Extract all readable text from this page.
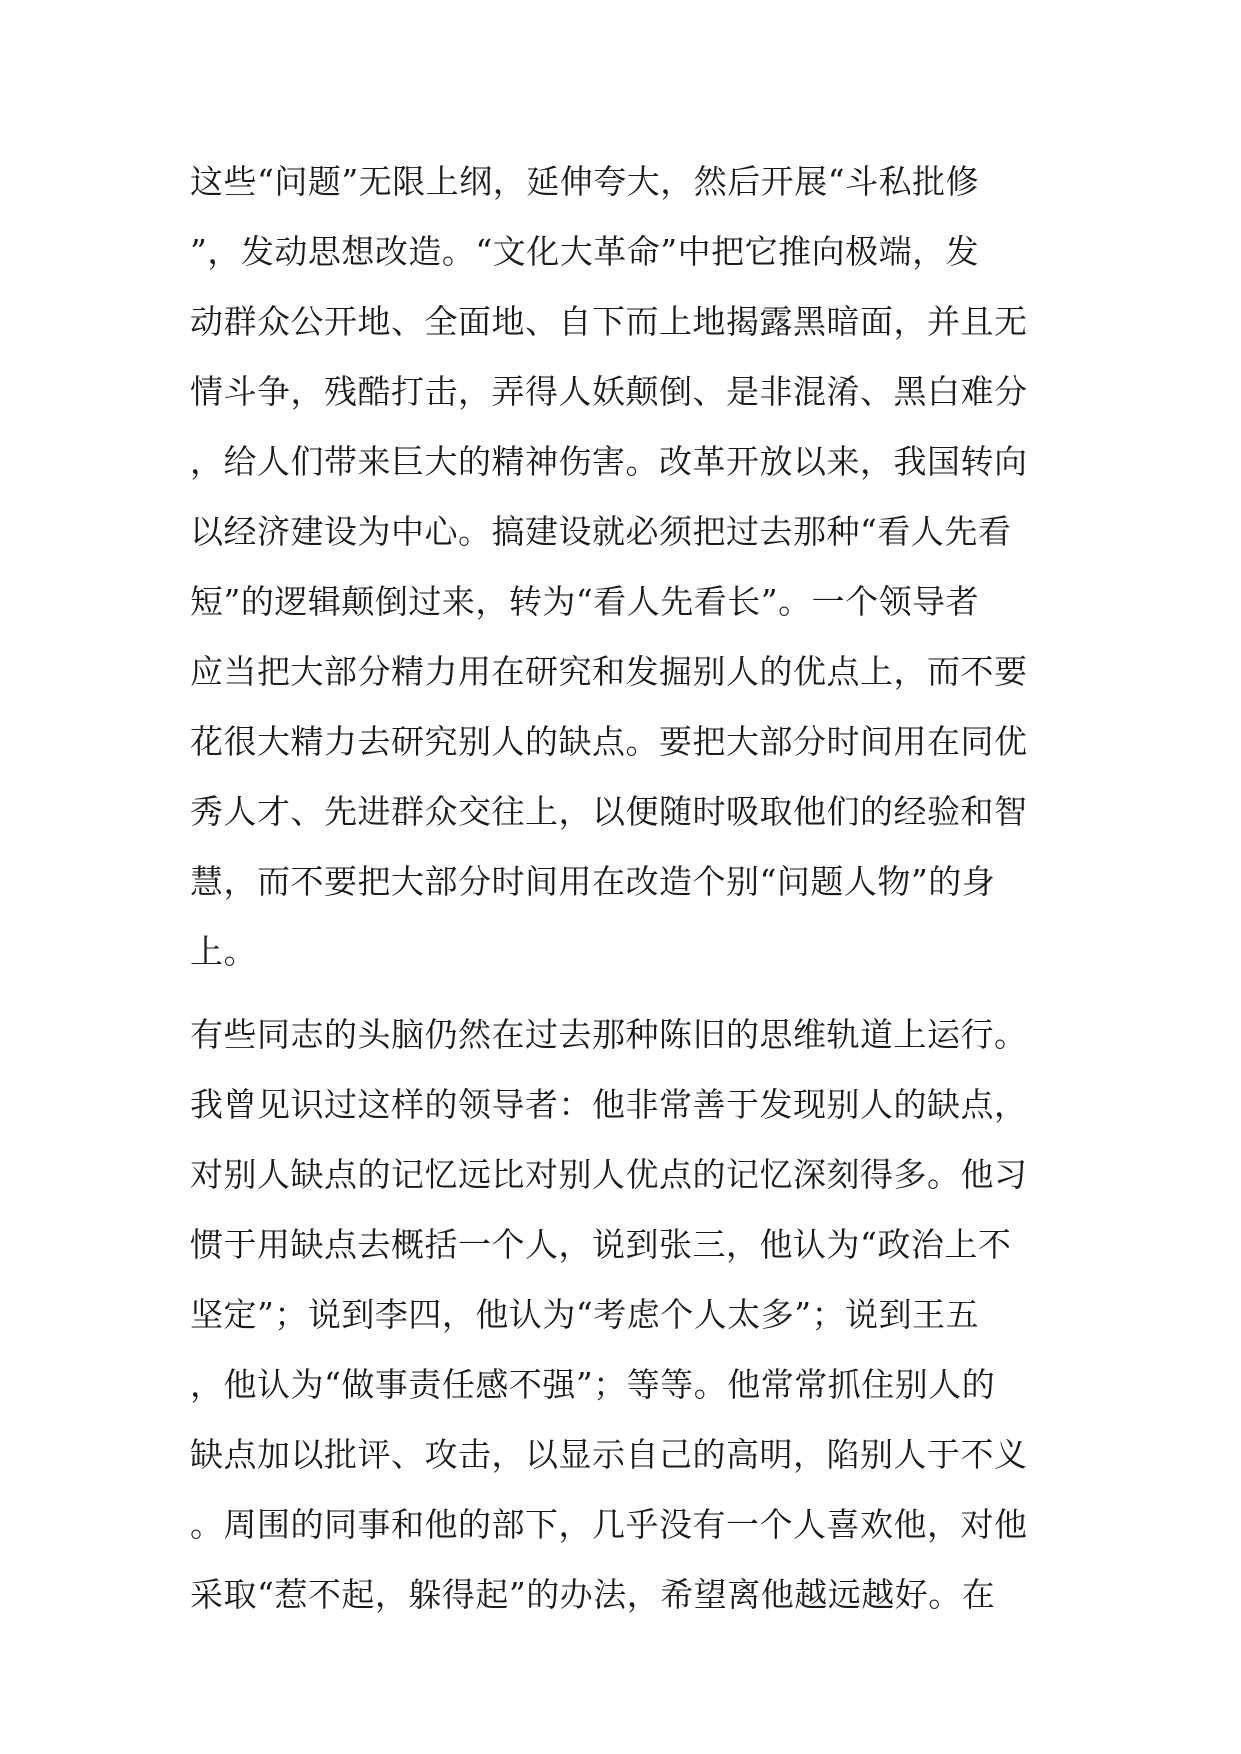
这些“问题”无限上纲，延伸夸大，然后开展“斗私批修
”，发动思想改造。“文化大革命”中把它推向极端，发
动群众公开地、全面地、自下而上地揭露黑暗面，并且无
情斗争，残酷打击，弄得人妖颠倒、是非混淆、黑白难分
，给人们带来巨大的精神伤害。改革开放以来，我国转向
以经济建设为中心。搞建设就必须把过去那种“看人先看
短”的逻辑颠倒过来，转为“看人先看长”。一个领导者
应当把大部分精力用在研究和发掘别人的优点上，而不要
花很大精力去研究别人的缺点。要把大部分时间用在同优
秀人才、先进群众交往上，以便随时吸取他们的经验和智
慧，而不要把大部分时间用在改造个别“问题人物”的身
上。
有些同志的头脑仍然在过去那种陈旧的思维轨道上运行。
我曾见识过这样的领导者：他非常善于发现别人的缺点，
对别人缺点的记忆远比对别人优点的记忆深刻得多。他习
惯于用缺点去概括一个人，说到张三，他认为“政治上不
坚定”；说到李四，他认为“考虑个人太多”；说到王五
，他认为“做事责任感不强”；等等。他常常抓住别人的
缺点加以批评、攻击，以显示自己的高明，陷别人于不义
。周围的同事和他的部下，几乎没有一个人喜欢他，对他
采取“惹不起，躲得起”的办法，希望离他越远越好。在
